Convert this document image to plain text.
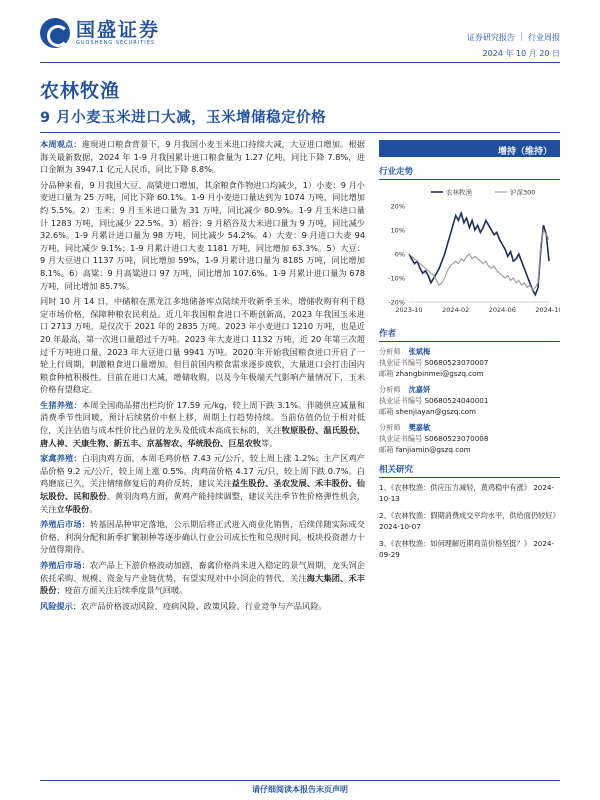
国盛证券
GUOSHENG SECURITIES
证券研究报告 ｜ 行业周报
2024 年 10 月 20 日
农林牧渔
9 月小麦玉米进口大减，玉米增储稳定价格

本周观点：進現进口粮食背景下，9 月我国小麦玉米进口持续大减，大豆进口增加。根据海关最新数据，2024 年 1-9 月我国累计进口粮食量为 1.27 亿吨，同比下降 7.8%，进口金额为 3947.1 亿元人民币，同比下降 8.8%。

分品种来看，9 月我国大豆、高粱进口增加，其余粮食作物进口均减少，1）小麦：9 月小麦进口量为 25 万吨，同比下降 60.1%。1-9 月小麦进口量达到为 1074 万吨，同比增加约 5.5%。2）玉米：9 月玉米进口量为 31 万吨，同比减少 80.9%。1-9 月玉米进口量计 1283 万吨，同比减少 22.5%。3）稻谷：9 月稻谷及大米进口量为 9 万吨，同比减少 32.6%。1-9 月累计进口量为 98 万吨，同比减少 54.2%。4）大麦：9 月进口大麦 94 万吨，同比减少 9.1%；1-9 月累计进口大麦 1181 万吨，同比增加 63.3%。5）大豆：9 月大豆进口 1137 万吨，同比增加 59%，1-9 月累计进口量为 8185 万吨，同比增加 8.1%。6）高粱：9 月高粱进口 97 万吨，同比增加 107.6%。1-9 月累计进口量为 678 万吨，同比增加 85.7%。

同时 10 月 14 日，中储粮在黑龙江多地储备库点陆续开收新季玉米，增储收购有利于稳定市场价格，保障种粮农民利益。近几年我国粮食进口不断创新高，2023 年我国玉米进口 2713 万吨，是仅次于 2021 年的 2835 万吨。2023 年小麦进口 1210 万吨，也是近 20 年最高，第一次进口量超过千万吨。2023 年大麦进口 1132 万吨，近 20 年第三次超过千万吨进口量，2023 年大豆进口量 9941 万吨。2020 年开始我国粮食进口开启了一轮上行周期，刺激粮食进口量增加。但目前国内粮食需求逐步疲软，大量进口会打击国内粮食种植积极性。目前在进口大减，增储收购，以及今年极端天气影响产量情况下，玉米价格有望稳定。

生猪养殖：本周全国商品猪出栏均价 17.59 元/kg，较上周下跌 3.1%。伴随供应减量和消费季节性回暖，预计后续猪价中枢上移，周期上行趋势持续。当前估值仍位于相对低位，关注估值与成本性价比凸显的龙头及低成本高成长标的，关注牧原股份、温氏股份、唐人神、天康生物、新五丰、京基智农、华统股份、巨星农牧等。

家禽养殖：白羽肉鸡方面，本周毛鸡价格 7.43 元/公斤，较上周上涨 1.2%；主产区鸡产品价格 9.2 元/公斤，较上周上涨 0.5%。肉鸡苗价格 4.17 元/只，较上周下跌 0.7%。白鸡磨底已久，关注情绪修复后的鸡价反转，建议关注益生股份、圣农发展、禾丰股份、仙坛股份、民和股份。黄羽肉鸡方面，黄鸡产能持续调整，建议关注季节性价格弹性机会，关注立华股份。

养殖后市场：转基因品种审定落地，公示期后将正式进入商业化销售，后续伴随实际成交价格、利润分配和新季扩繁制种等逐步确认行业公司成长性和兑现时间，板块投资潜力十分值得期待。

养殖后市场：农产品上下游价格波动加剧，畜禽价格尚未进入稳定的景气周期，龙头饲企依托采购、规模、资金与产业链优势，有望实现对中小饲企的替代，关注海大集团、禾丰股份；疫苗方面关注后续季度景气回暖。

风险提示：农产品价格波动风险、疫病风险、政策风险、行业竞争与产品风险。

增持（维持）
行业走势
20%
10%
0%
-10%
-20%
2023-10	2024-02	2024-06	2024-10
农林牧渔	沪深300
作者
分析师 张斌梅
执业证书编号 S0680523070007
邮箱 zhangbinmei@gszq.com
分析师 沈嘉妍
执业证书编号 S0680524040001
邮箱 shenjiayan@gszq.com
分析师 樊嘉敏
执业证书编号 S0680523070008
邮箱 fanjiamin@gszq.com
相关研究
1、《农林牧渔：供应压力减轻，黄鸡稳中有涨》 2024-10-13
2、《农林牧渔：假期消费成交平均水平，供给面仍较好》 2024-10-07
3、《农林牧渔：如何理解近期鸡苗价格坚挺？》 2024-09-29
请仔细阅读本报告末页声明
